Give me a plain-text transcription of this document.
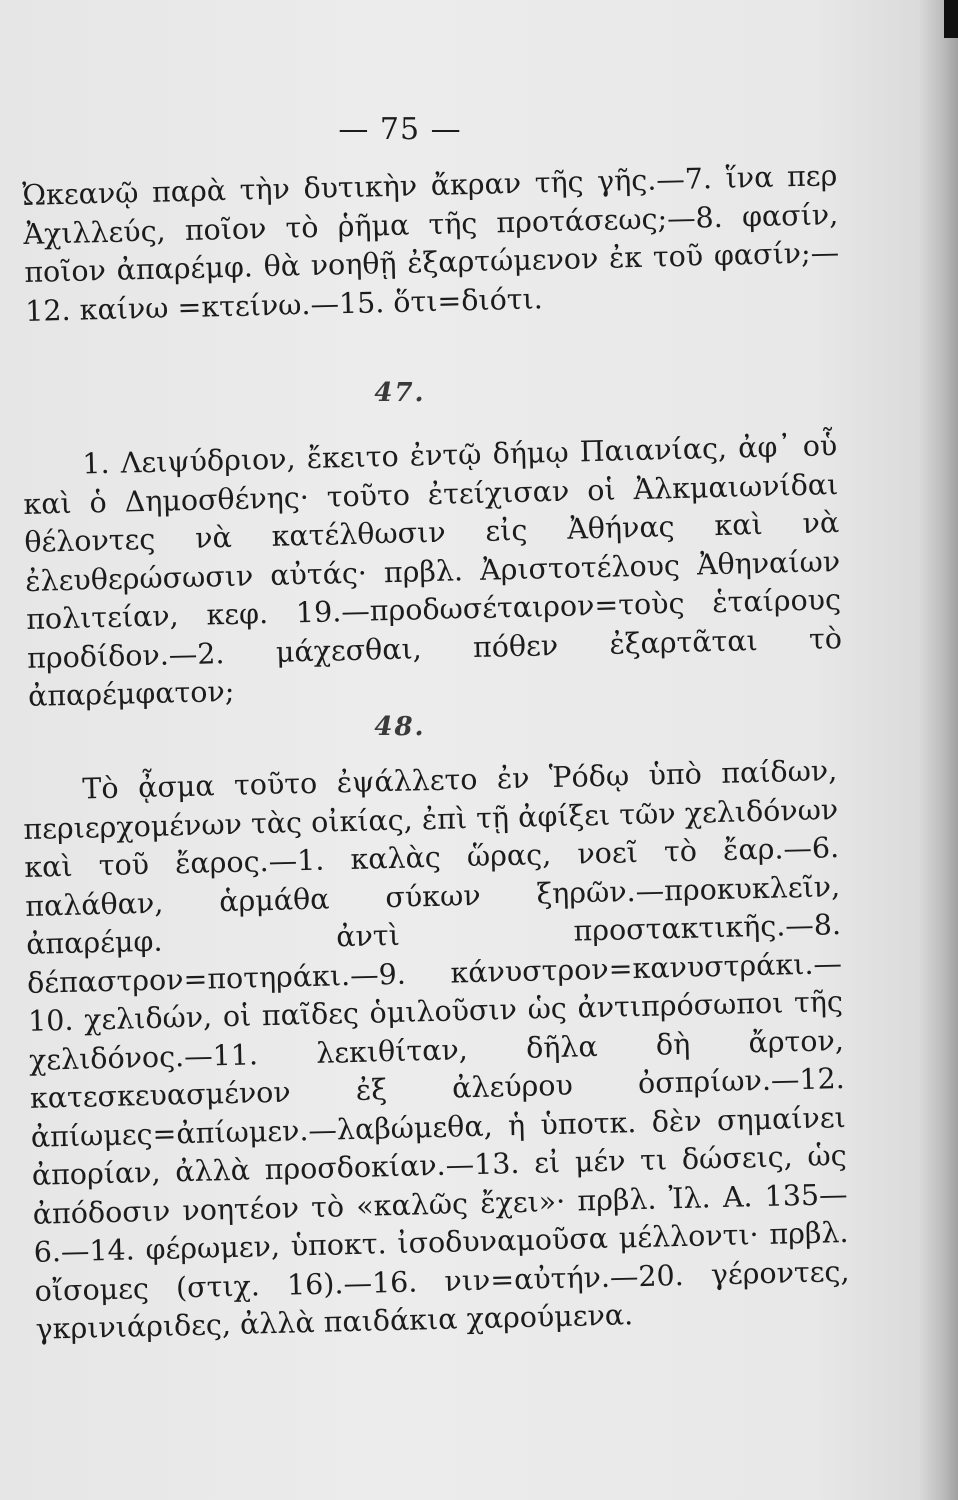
— 75 —

Ὠκεανῷ παρὰ τὴν δυτικὴν ἄκραν τῆς γῆς.—7. ἵνα περ Ἀχιλλεύς, ποῖον τὸ ῥῆμα τῆς προτάσεως;—8. φασίν, ποῖον ἀπαρέμφ. θὰ νοηθῇ ἐξαρτώμενον ἐκ τοῦ φασίν;—12. καίνω =κτείνω.—15. ὅτι=διότι.

47.

1. Λειψύδριον, ἔκειτο ἐντῷ δήμῳ Παιανίας, ἀφ᾽ οὗ καὶ ὁ Δημοσθένης· τοῦτο ἐτείχισαν οἱ Ἀλκμαιωνίδαι θέλοντες νὰ κατέλθωσιν εἰς Ἀθήνας καὶ νὰ ἐλευθερώσωσιν αὐτάς· πρβλ. Ἀριστοτέλους Ἀθηναίων πολιτείαν, κεφ. 19.—προδωσέταιρον=τοὺς ἑταίρους προδίδον.—2. μάχεσθαι, πόθεν ἐξαρτᾶται τὸ ἀπαρέμφατον;

48.

Τὸ ᾆσμα τοῦτο ἐψάλλετο ἐν Ῥόδῳ ὑπὸ παίδων, περιερχομένων τὰς οἰκίας, ἐπὶ τῇ ἀφίξει τῶν χελιδόνων καὶ τοῦ ἔαρος.—1. καλὰς ὥρας, νοεῖ τὸ ἔαρ.—6. παλάθαν, ἁρμάθα σύκων ξηρῶν.—προκυκλεῖν, ἀπαρέμφ. ἀντὶ προστακτικῆς.—8. δέπαστρον=ποτηράκι.—9. κάνυστρον=κανυστράκι.—10. χελιδών, οἱ παῖδες ὁμιλοῦσιν ὡς ἀντιπρόσωποι τῆς χελιδόνος.—11. λεκιθίταν, δῆλα δὴ ἄρτον, κατεσκευασμένον ἐξ ἀλεύρου ὀσπρίων.—12. ἀπίωμες=ἀπίωμεν.—λαβώμεθα, ἡ ὑποτκ. δὲν σημαίνει ἀπορίαν, ἀλλὰ προσδοκίαν.—13. εἰ μέν τι δώσεις, ὡς ἀπόδοσιν νοητέον τὸ «καλῶς ἔχει»· πρβλ. Ἰλ. Α. 135—6.—14. φέρωμεν, ὑποκτ. ἰσοδυναμοῦσα μέλλοντι· πρβλ. οἴσομες (στιχ. 16).—16. νιν=αὐτήν.—20. γέροντες, γκρινιάριδες, ἀλλὰ παιδάκια χαρούμενα.
